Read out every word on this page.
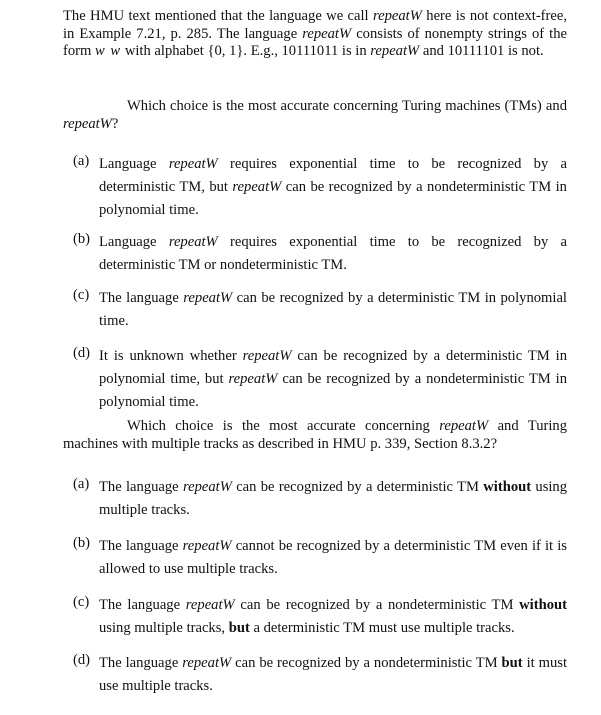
The HMU text mentioned that the language we call repeatW here is not context-free, in Example 7.21, p. 285. The language repeatW consists of nonempty strings of the form w w with alphabet {0, 1}. E.g., 10111011 is in repeatW and 10111101 is not.
Which choice is the most accurate concerning Turing machines (TMs) and repeatW?
(a) Language repeatW requires exponential time to be recognized by a deterministic TM, but repeatW can be recognized by a nondeterministic TM in polynomial time.
(b) Language repeatW requires exponential time to be recognized by a deterministic TM or nondeterministic TM.
(c) The language repeatW can be recognized by a deterministic TM in polynomial time.
(d) It is unknown whether repeatW can be recognized by a deterministic TM in polynomial time, but repeatW can be recognized by a nondeterministic TM in polynomial time.
Which choice is the most accurate concerning repeatW and Turing machines with multiple tracks as described in HMU p. 339, Section 8.3.2?
(a) The language repeatW can be recognized by a deterministic TM without using multiple tracks.
(b) The language repeatW cannot be recognized by a deterministic TM even if it is allowed to use multiple tracks.
(c) The language repeatW can be recognized by a nondeterministic TM without using multiple tracks, but a deterministic TM must use multiple tracks.
(d) The language repeatW can be recognized by a nondeterministic TM but it must use multiple tracks.
